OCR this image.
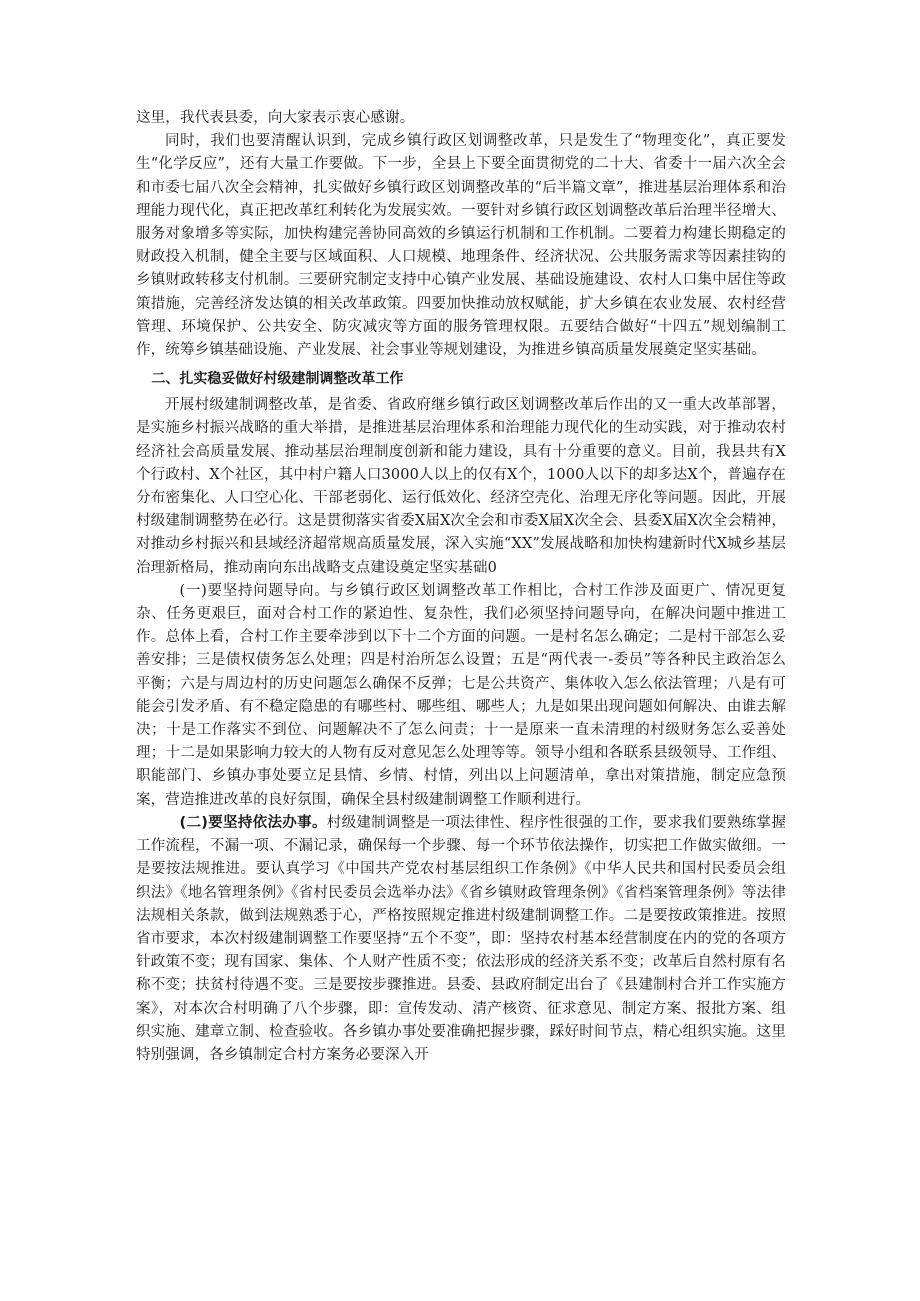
这里，我代表县委，向大家表示衷心感谢。

同时，我们也要清醒认识到，完成乡镇行政区划调整改革，只是发生了“物理变化”，真正要发生“化学反应”，还有大量工作要做。下一步，全县上下要全面贯彻党的二十大、省委十一届六次全会和市委七届八次全会精神，扎实做好乡镇行政区划调整改革的“后半篇文章”，推进基层治理体系和治理能力现代化，真正把改革红利转化为发展实效。一要针对乡镇行政区划调整改革后治理半径增大、服务对象增多等实际，加快构建完善协同高效的乡镇运行机制和工作机制。二要着力构建长期稳定的财政投入机制，健全主要与区域面积、人口规模、地理条件、经济状况、公共服务需求等因素挂钩的乡镇财政转移支付机制。三要研究制定支持中心镇产业发展、基础设施建设、农村人口集中居住等政策措施，完善经济发达镇的相关改革政策。四要加快推动放权赋能，扩大乡镇在农业发展、农村经营管理、环境保护、公共安全、防灾减灾等方面的服务管理权限。五要结合做好“十四五”规划编制工作，统筹乡镇基础设施、产业发展、社会事业等规划建设，为推进乡镇高质量发展奠定坚实基础。

二、扎实稳妥做好村级建制调整改革工作

开展村级建制调整改革，是省委、省政府继乡镇行政区划调整改革后作出的又一重大改革部署，是实施乡村振兴战略的重大举措，是推进基层治理体系和治理能力现代化的生动实践，对于推动农村经济社会高质量发展、推动基层治理制度创新和能力建设，具有十分重要的意义。目前，我县共有X个行政村、X个社区，其中村户籍人口3000人以上的仅有X个，1000人以下的却多达X个，普遍存在分布密集化、人口空心化、干部老弱化、运行低效化、经济空壳化、治理无序化等问题。因此，开展村级建制调整势在必行。这是贯彻落实省委X届X次全会和市委X届X次全会、县委X届X次全会精神，对推动乡村振兴和县域经济超常规高质量发展，深入实施“XX”发展战略和加快构建新时代X城乡基层治理新格局，推动南向东出战略支点建设奠定坚实基础0

(一)要坚持问题导向。与乡镇行政区划调整改革工作相比，合村工作涉及面更广、情况更复杂、任务更艰巨，面对合村工作的紧迫性、复杂性，我们必须坚持问题导向，在解决问题中推进工作。总体上看，合村工作主要牵涉到以下十二个方面的问题。一是村名怎么确定；二是村干部怎么妥善安排；三是债权债务怎么处理；四是村治所怎么设置；五是“两代表一-委员”等各种民主政治怎么平衡；六是与周边村的历史问题怎么确保不反弹；七是公共资产、集体收入怎么依法管理；八是有可能会引发矛盾、有不稳定隐患的有哪些村、哪些组、哪些人；九是如果出现问题如何解决、由谁去解决；十是工作落实不到位、问题解决不了怎么问责；十一是原来一直未清理的村级财务怎么妥善处理；十二是如果影响力较大的人物有反对意见怎么处理等等。领导小组和各联系县级领导、工作组、职能部门、乡镇办事处要立足县情、乡情、村情，列出以上问题清单，拿出对策措施，制定应急预案，营造推进改革的良好氛围，确保全县村级建制调整工作顺利进行。

(二)要坚持依法办事。村级建制调整是一项法律性、程序性很强的工作，要求我们要熟练掌握工作流程，不漏一项、不漏记录，确保每一个步骤、每一个环节依法操作，切实把工作做实做细。一是要按法规推进。要认真学习《中国共产党农村基层组织工作条例》《中华人民共和国村民委员会组织法》《地名管理条例》《省村民委员会选举办法》《省乡镇财政管理条例》《省档案管理条例》等法律法规相关条款，做到法规熟悉于心，严格按照规定推进村级建制调整工作。二是要按政策推进。按照省市要求，本次村级建制调整工作要坚持“五个不变”，即：坚持农村基本经营制度在内的党的各项方针政策不变；现有国家、集体、个人财产性质不变；依法形成的经济关系不变；改革后自然村原有名称不变；扶贫村待遇不变。三是要按步骤推进。县委、县政府制定出台了《县建制村合并工作实施方案》，对本次合村明确了八个步骤，即：宣传发动、清产核资、征求意见、制定方案、报批方案、组织实施、建章立制、检查验收。各乡镇办事处要准确把握步骤，踩好时间节点，精心组织实施。这里特别强调，各乡镇制定合村方案务必要深入开
